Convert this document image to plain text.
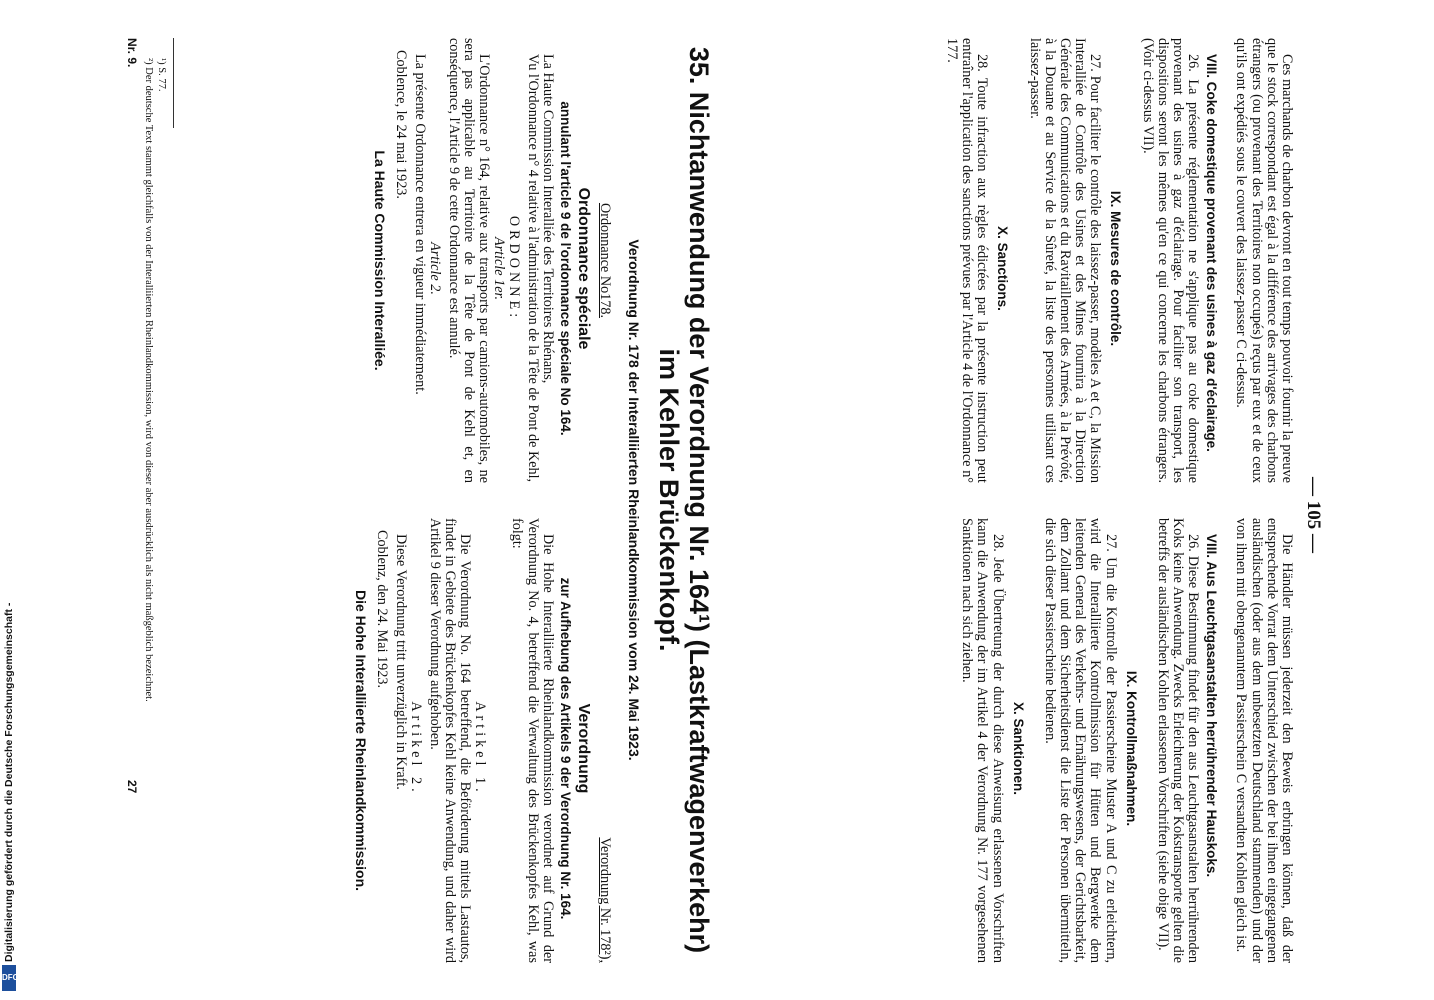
Digitalisierung gefördert durch die Deutsche Forschungsgemeinschaft -
DFG
— 105 —

Ces marchands de charbon devront en tout temps pouvoir fournir la preuve que le stock correspondant est égal à la différence des arrivages des charbons étrangers (ou provenant des Territoires non occupés) reçus par eux et de ceux qu'ils ont expédiés sous le couvert des laissez-passer C ci-dessus.

VIII. Coke domestique provenant des usines à gaz d'éclairage.

26. La présente réglementation ne s'applique pas au coke domestique provenant des usines à gaz d'éclairage. Pour faciliter son transport, les dispositions seront les mêmes qu'en ce qui concerne les charbons étrangers. (Voir ci-dessus VII).

IX. Mesures de contrôle.

27. Pour faciliter le contrôle des laissez-passer, modèles A et C, la Mission Interalliée de Contrôle des Usines et des Mines fournira à la Direction Générale des Communications et du Ravitaillement des Armées, à la Prévôté, à la Douane et au Service de la Sûreté, la liste des personnes utilisant ces laissez-passer.

X. Sanctions.

28. Toute infraction aux règles édictées par la présente instruction peut entraîner l'application des sanctions prévues par l'Article 4 de l'Ordonnance n° 177.

Die Händler müssen jederzeit den Beweis erbringen können, daß der entsprechende Vorrat dem Unterschied zwischen der bei ihnen eingegangenen ausländischen (oder aus dem unbesetzten Deutschland stammenden) und der von ihnen mit obengenanntem Passierschein C versandten Kohlen gleich ist.

VIII. Aus Leuchtgasanstalten herrührender Hauskoks.

26. Diese Bestimmung findet für den aus Leuchtgasanstalten herrührenden Koks keine Anwendung. Zwecks Erleichterung der Kokstransporte gelten die betreffs der ausländischen Kohlen erlassenen Vorschriften (siehe obige VII).

IX. Kontrollmaßnahmen.

27. Um die Kontrolle der Passierscheine Muster A und C zu erleichtern, wird die Interalliierte Kontrollmission für Hütten und Bergwerke dem leitenden General des Verkehrs- und Ernährungswesens, der Gerichtsbarkeit, dem Zollamt und dem Sicherheitsdienst die Liste der Personen übermitteln, die sich dieser Passierscheine bedienen.

X. Sanktionen.

28. Jede Übertretung der durch diese Anweisung erlassenen Vorschriften kann die Anwendung der im Artikel 4 der Verordnung Nr. 177 vorgesehenen Sanktionen nach sich ziehen.

35. Nichtanwendung der Verordnung Nr. 164¹) (Lastkraftwagenverkehr)
im Kehler Brückenkopf.
Verordnung Nr. 178 der Interalliierten Rheinlandkommission vom 24. Mai 1923.

Ordonnance No178.

Ordonnance spéciale

annulant l'article 9 de l'ordonnance spéciale No 164.

La Haute Commission Interalliée des Territoires Rhénans,

Vu l'Ordonnance n° 4 relative à l'administration de la Tête de Pont de Kehl,

ORDONNE:

Article 1er.

L'Ordonnance n° 164, relative aux transports par camions-automobiles, ne sera pas applicable au Territoire de la Tête de Pont de Kehl et, en conséquence, l'Article 9 de cette Ordonnance est annulé.

Article 2.

La présente Ordonnance entrera en vigueur immédiatement.

Coblence, le 24 mai 1923.

La Haute Commission Interalliée.

Verordnung Nr. 178²),

Verordnung

zur Aufhebung des Artikels 9 der Verordnung Nr. 164.

Die Hohe Interalliierte Rheinlandkommission verordnet auf Grund der Verordnung No. 4, betreffend die Verwaltung des Brückenkopfes Kehl, was folgt:

Artikel 1.

Die Verordnung No. 164 betreffend, die Beförderung mittels Lastautos, findet in Gebiete des Brückenkopfes Kehl keine Anwendung, und daher wird Artikel 9 dieser Verordnung aufgehoben.

Artikel 2.

Diese Verordnung tritt unverzüglich in Kraft.

Coblenz, den 24. Mai 1923.

Die Hohe Interalliierte Rheinlandkommission.

¹) S. 77.
²) Der deutsche Text stammt gleichfalls von der Interalliierten Rheinlandkommission, wird von dieser aber ausdrücklich als nicht maßgeblich bezeichnet.
Nr. 9.
27
